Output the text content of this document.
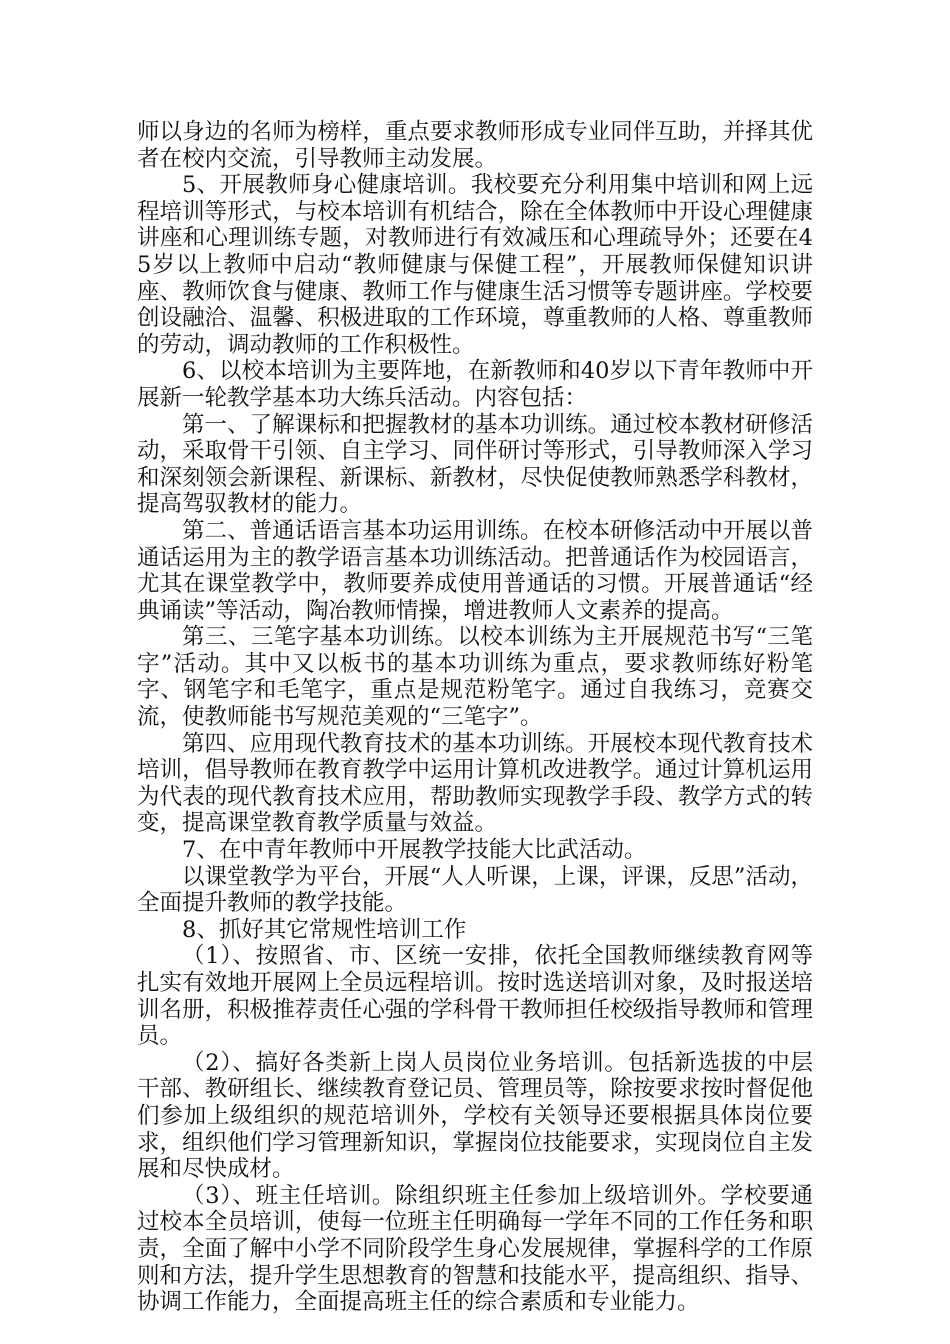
师以身边的名师为榜样，重点要求教师形成专业同伴互助，并择其优者在校内交流，引导教师主动发展。

5、开展教师身心健康培训。我校要充分利用集中培训和网上远程培训等形式，与校本培训有机结合，除在全体教师中开设心理健康讲座和心理训练专题，对教师进行有效减压和心理疏导外；还要在45岁以上教师中启动“教师健康与保健工程”，开展教师保健知识讲座、教师饮食与健康、教师工作与健康生活习惯等专题讲座。学校要创设融洽、温馨、积极进取的工作环境，尊重教师的人格、尊重教师的劳动，调动教师的工作积极性。

6、以校本培训为主要阵地，在新教师和40岁以下青年教师中开展新一轮教学基本功大练兵活动。内容包括：

第一、了解课标和把握教材的基本功训练。通过校本教材研修活动，采取骨干引领、自主学习、同伴研讨等形式，引导教师深入学习和深刻领会新课程、新课标、新教材，尽快促使教师熟悉学科教材，提高驾驭教材的能力。

第二、普通话语言基本功运用训练。在校本研修活动中开展以普通话运用为主的教学语言基本功训练活动。把普通话作为校园语言，尤其在课堂教学中，教师要养成使用普通话的习惯。开展普通话“经典诵读”等活动，陶冶教师情操，增进教师人文素养的提高。

第三、三笔字基本功训练。以校本训练为主开展规范书写“三笔字”活动。其中又以板书的基本功训练为重点，要求教师练好粉笔字、钢笔字和毛笔字，重点是规范粉笔字。通过自我练习，竞赛交流，使教师能书写规范美观的“三笔字”。

第四、应用现代教育技术的基本功训练。开展校本现代教育技术培训，倡导教师在教育教学中运用计算机改进教学。通过计算机运用为代表的现代教育技术应用，帮助教师实现教学手段、教学方式的转变，提高课堂教育教学质量与效益。

7、在中青年教师中开展教学技能大比武活动。

以课堂教学为平台，开展“人人听课，上课，评课，反思”活动，全面提升教师的教学技能。

8、抓好其它常规性培训工作

（1）、按照省、市、区统一安排，依托全国教师继续教育网等扎实有效地开展网上全员远程培训。按时选送培训对象，及时报送培训名册，积极推荐责任心强的学科骨干教师担任校级指导教师和管理员。

（2）、搞好各类新上岗人员岗位业务培训。包括新选拔的中层干部、教研组长、继续教育登记员、管理员等，除按要求按时督促他们参加上级组织的规范培训外，学校有关领导还要根据具体岗位要求，组织他们学习管理新知识，掌握岗位技能要求，实现岗位自主发展和尽快成材。

（3）、班主任培训。除组织班主任参加上级培训外。学校要通过校本全员培训，使每一位班主任明确每一学年不同的工作任务和职责，全面了解中小学不同阶段学生身心发展规律，掌握科学的工作原则和方法，提升学生思想教育的智慧和技能水平，提高组织、指导、协调工作能力，全面提高班主任的综合素质和专业能力。
